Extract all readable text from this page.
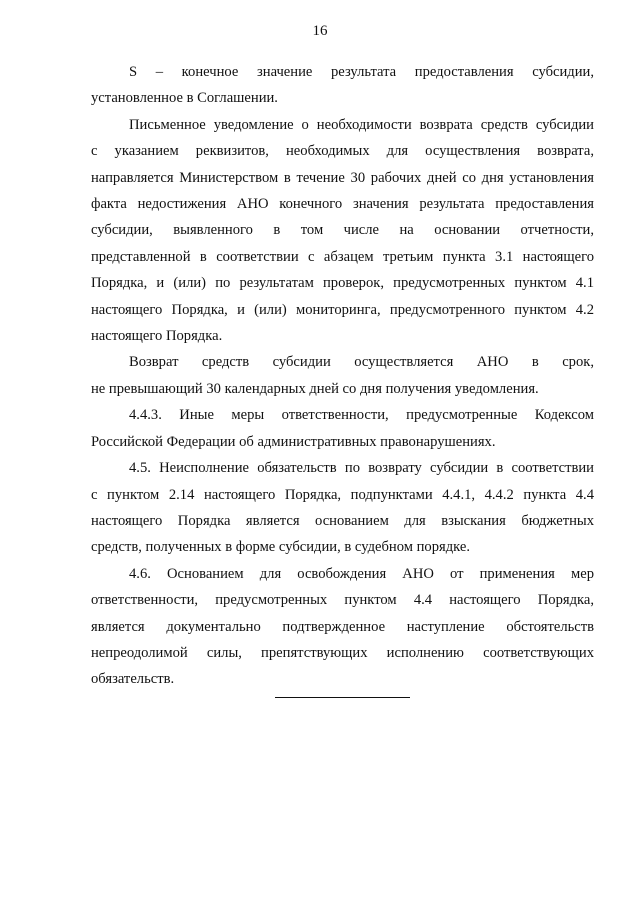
16
S – конечное значение результата предоставления субсидии,
установленное в Соглашении.
Письменное уведомление о необходимости возврата средств субсидии
с указанием реквизитов, необходимых для осуществления возврата,
направляется Министерством в течение 30 рабочих дней со дня установления
факта недостижения АНО конечного значения результата предоставления
субсидии, выявленного в том числе на основании отчетности,
представленной в соответствии с абзацем третьим пункта 3.1 настоящего
Порядка, и (или) по результатам проверок, предусмотренных пунктом 4.1
настоящего Порядка, и (или) мониторинга, предусмотренного пунктом 4.2
настоящего Порядка.
Возврат средств субсидии осуществляется АНО в срок,
не превышающий 30 календарных дней со дня получения уведомления.
4.4.3. Иные меры ответственности, предусмотренные Кодексом
Российской Федерации об административных правонарушениях.
4.5. Неисполнение обязательств по возврату субсидии в соответствии
с пунктом 2.14 настоящего Порядка, подпунктами 4.4.1, 4.4.2 пункта 4.4
настоящего Порядка является основанием для взыскания бюджетных
средств, полученных в форме субсидии, в судебном порядке.
4.6. Основанием для освобождения АНО от применения мер
ответственности, предусмотренных пунктом 4.4 настоящего Порядка,
является документально подтвержденное наступление обстоятельств
непреодолимой силы, препятствующих исполнению соответствующих
обязательств.
